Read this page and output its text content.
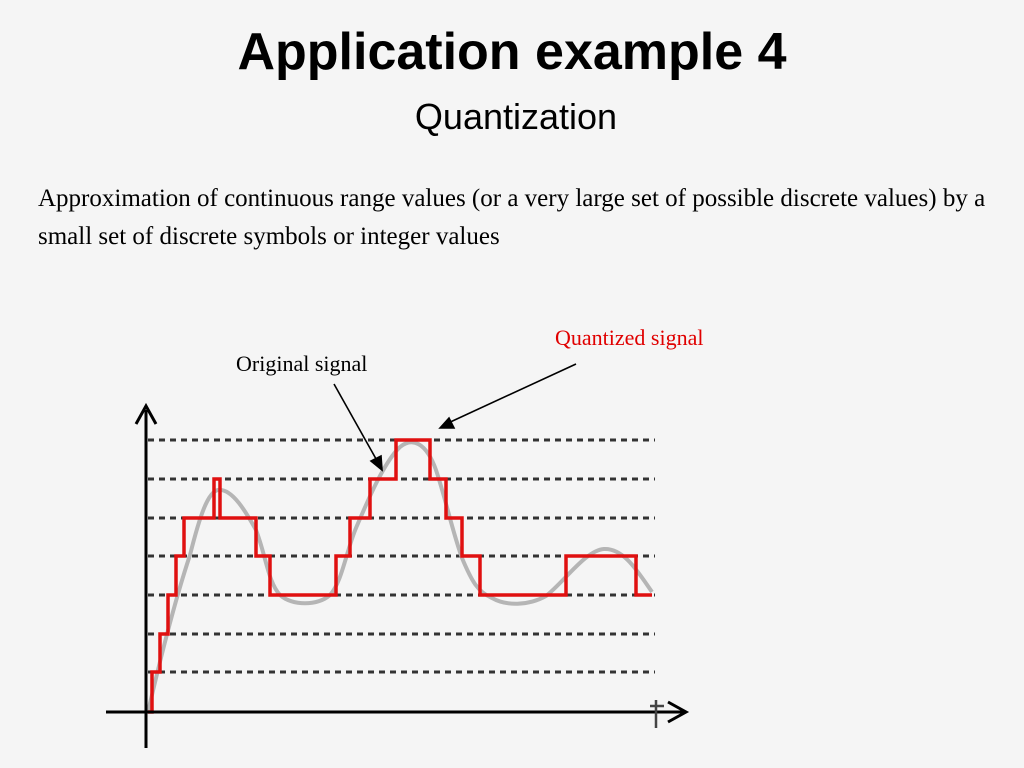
Application example 4
Quantization
Approximation of continuous range values (or a very large set of possible discrete values) by a small set of discrete symbols or integer values
Original signal
Quantized signal
